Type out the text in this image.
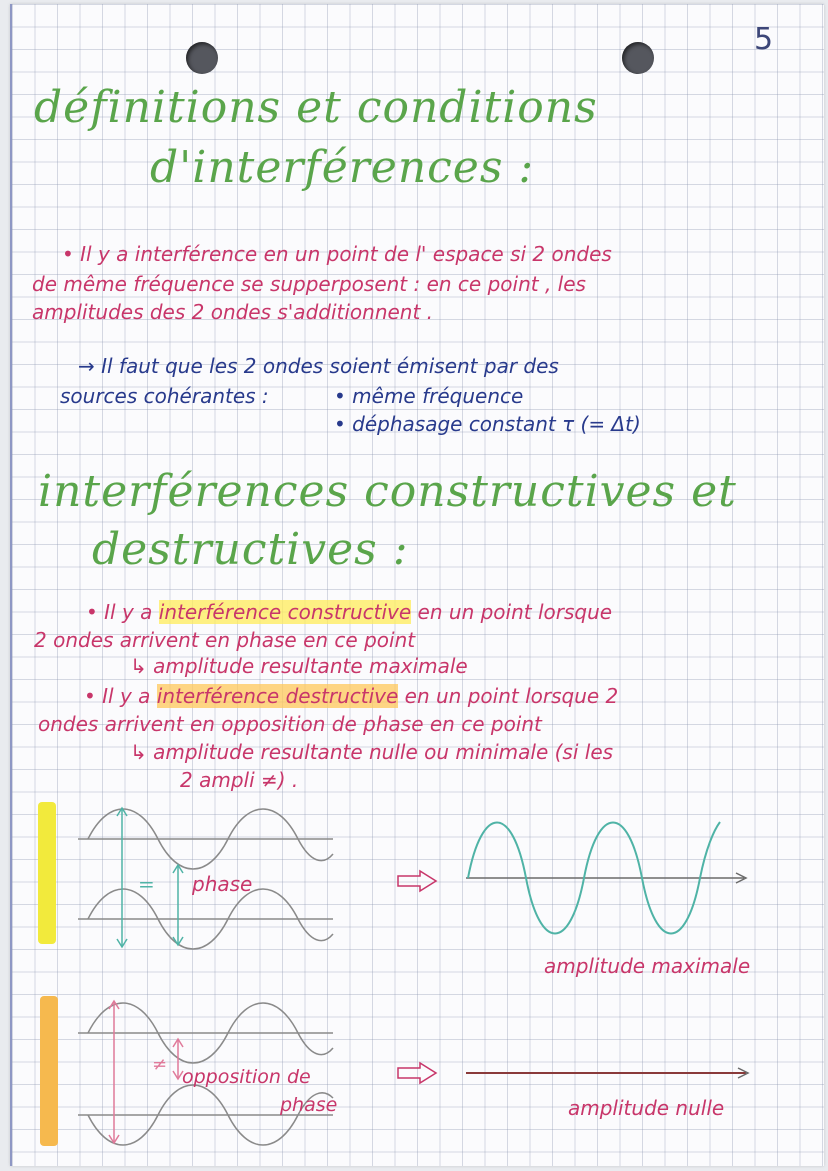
5
définitions et conditions
d'interférences :
• Il y a interférence en un point de l' espace si 2 ondes
de même fréquence se supperposent : en ce point , les
amplitudes des 2 ondes s'additionnent .
→ Il faut que les 2 ondes soient émisent par des
sources cohérantes :	• même fréquence
• déphasage constant τ (= Δt)
interférences constructives et
destructives :
• Il y a interférence constructive en un point lorsque
2 ondes arrivent en phase en ce point
↳ amplitude resultante maximale
• Il y a interférence destructive en un point lorsque 2
ondes arrivent en opposition de phase en ce point
↳ amplitude resultante nulle ou minimale (si les
2 ampli ≠) .
= phase
amplitude maximale
≠
opposition de
phase	amplitude nulle
